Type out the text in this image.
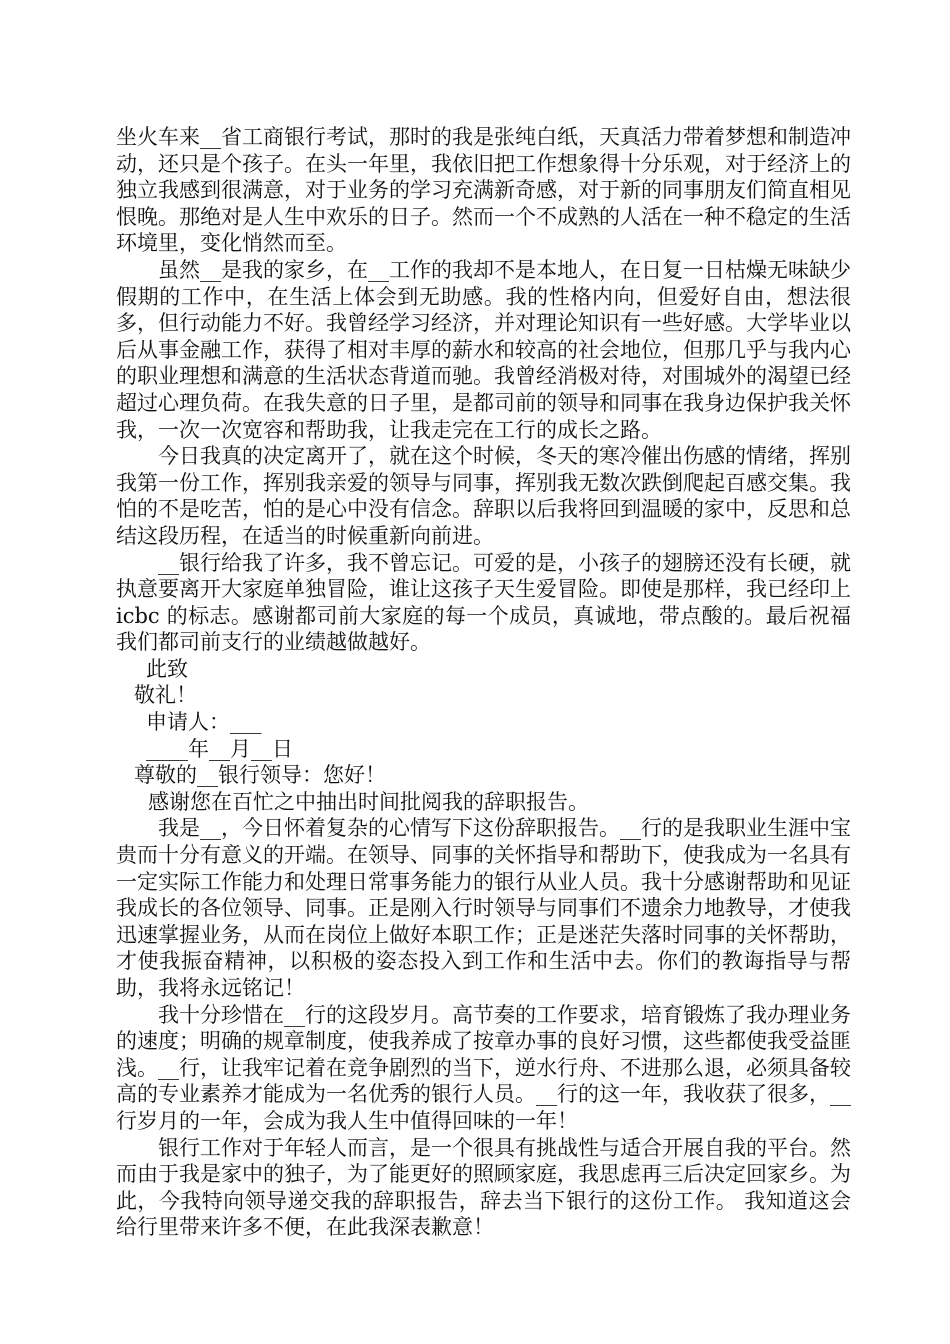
坐火车来__省工商银行考试，那时的我是张纯白纸，天真活力带着梦想和制造冲动，还只是个孩子。在头一年里，我依旧把工作想象得十分乐观，对于经济上的独立我感到很满意，对于业务的学习充满新奇感，对于新的同事朋友们简直相见恨晚。那绝对是人生中欢乐的日子。然而一个不成熟的人活在一种不稳定的生活环境里，变化悄然而至。

虽然__是我的家乡，在__工作的我却不是本地人，在日复一日枯燥无味缺少假期的工作中，在生活上体会到无助感。我的性格内向，但爱好自由，想法很多，但行动能力不好。我曾经学习经济，并对理论知识有一些好感。大学毕业以后从事金融工作，获得了相对丰厚的薪水和较高的社会地位，但那几乎与我内心的职业理想和满意的生活状态背道而驰。我曾经消极对待，对围城外的渴望已经超过心理负荷。在我失意的日子里，是都司前的领导和同事在我身边保护我关怀我，一次一次宽容和帮助我，让我走完在工行的成长之路。

今日我真的决定离开了，就在这个时候，冬天的寒冷催出伤感的情绪，挥别我第一份工作，挥别我亲爱的领导与同事，挥别我无数次跌倒爬起百感交集。我怕的不是吃苦，怕的是心中没有信念。辞职以后我将回到温暖的家中，反思和总结这段历程，在适当的时候重新向前进。

__银行给我了许多，我不曾忘记。可爱的是，小孩子的翅膀还没有长硬，就执意要离开大家庭单独冒险，谁让这孩子天生爱冒险。即使是那样，我已经印上 icbc 的标志。感谢都司前大家庭的每一个成员，真诚地，带点酸的。最后祝福我们都司前支行的业绩越做越好。

此致
敬礼！
申请人：___
____年__月__日
尊敬的__银行领导：您好！
感谢您在百忙之中抽出时间批阅我的辞职报告。

我是__，今日怀着复杂的心情写下这份辞职报告。__行的是我职业生涯中宝贵而十分有意义的开端。在领导、同事的关怀指导和帮助下，使我成为一名具有一定实际工作能力和处理日常事务能力的银行从业人员。我十分感谢帮助和见证我成长的各位领导、同事。正是刚入行时领导与同事们不遗余力地教导，才使我迅速掌握业务，从而在岗位上做好本职工作；正是迷茫失落时同事的关怀帮助，才使我振奋精神，以积极的姿态投入到工作和生活中去。你们的教诲指导与帮助，我将永远铭记！

我十分珍惜在__行的这段岁月。高节奏的工作要求，培育锻炼了我办理业务的速度；明确的规章制度，使我养成了按章办事的良好习惯，这些都使我受益匪浅。__行，让我牢记着在竞争剧烈的当下，逆水行舟、不进那么退，必须具备较高的专业素养才能成为一名优秀的银行人员。__行的这一年，我收获了很多，__行岁月的一年，会成为我人生中值得回味的一年！

银行工作对于年轻人而言，是一个很具有挑战性与适合开展自我的平台。然而由于我是家中的独子，为了能更好的照顾家庭，我思虑再三后决定回家乡。为此，今我特向领导递交我的辞职报告，辞去当下银行的这份工作。 我知道这会给行里带来许多不便，在此我深表歉意！
